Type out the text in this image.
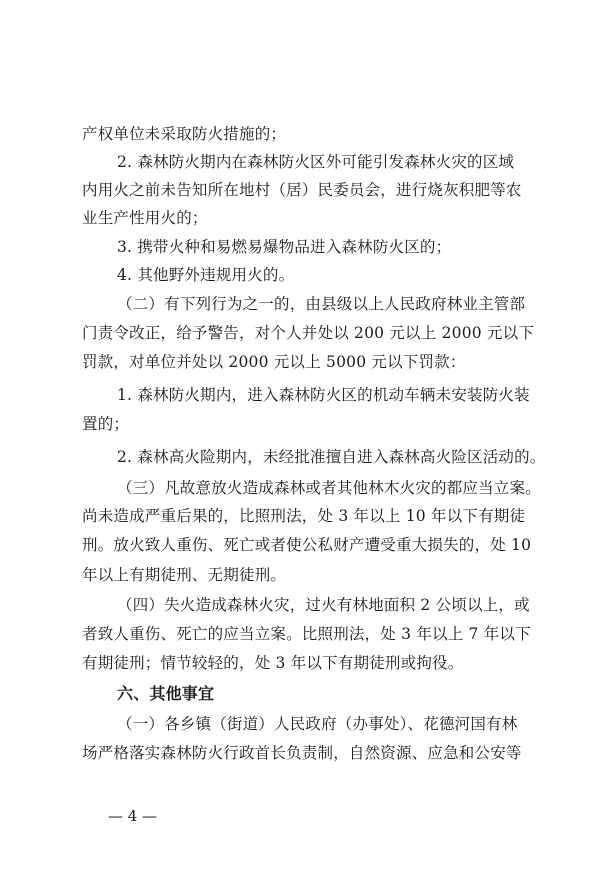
产权单位未采取防火措施的；
2. 森林防火期内在森林防火区外可能引发森林火灾的区域
内用火之前未告知所在地村（居）民委员会，进行烧灰积肥等农
业生产性用火的；
3. 携带火种和易燃易爆物品进入森林防火区的；
4. 其他野外违规用火的。
（二）有下列行为之一的，由县级以上人民政府林业主管部
门责令改正，给予警告，对个人并处以 200 元以上 2000 元以下
罚款，对单位并处以 2000 元以上 5000 元以下罚款：
1. 森林防火期内，进入森林防火区的机动车辆未安装防火装
置的；
2. 森林高火险期内，未经批准擅自进入森林高火险区活动的。
（三）凡故意放火造成森林或者其他林木火灾的都应当立案。
尚未造成严重后果的，比照刑法，处 3 年以上 10 年以下有期徒
刑。放火致人重伤、死亡或者使公私财产遭受重大损失的，处 10
年以上有期徒刑、无期徒刑。
（四）失火造成森林火灾，过火有林地面积 2 公顷以上，或
者致人重伤、死亡的应当立案。比照刑法，处 3 年以上 7 年以下
有期徒刑；情节较轻的，处 3 年以下有期徒刑或拘役。
六、其他事宜
（一）各乡镇（街道）人民政府（办事处）、花德河国有林
场严格落实森林防火行政首长负责制，自然资源、应急和公安等
— 4 —
